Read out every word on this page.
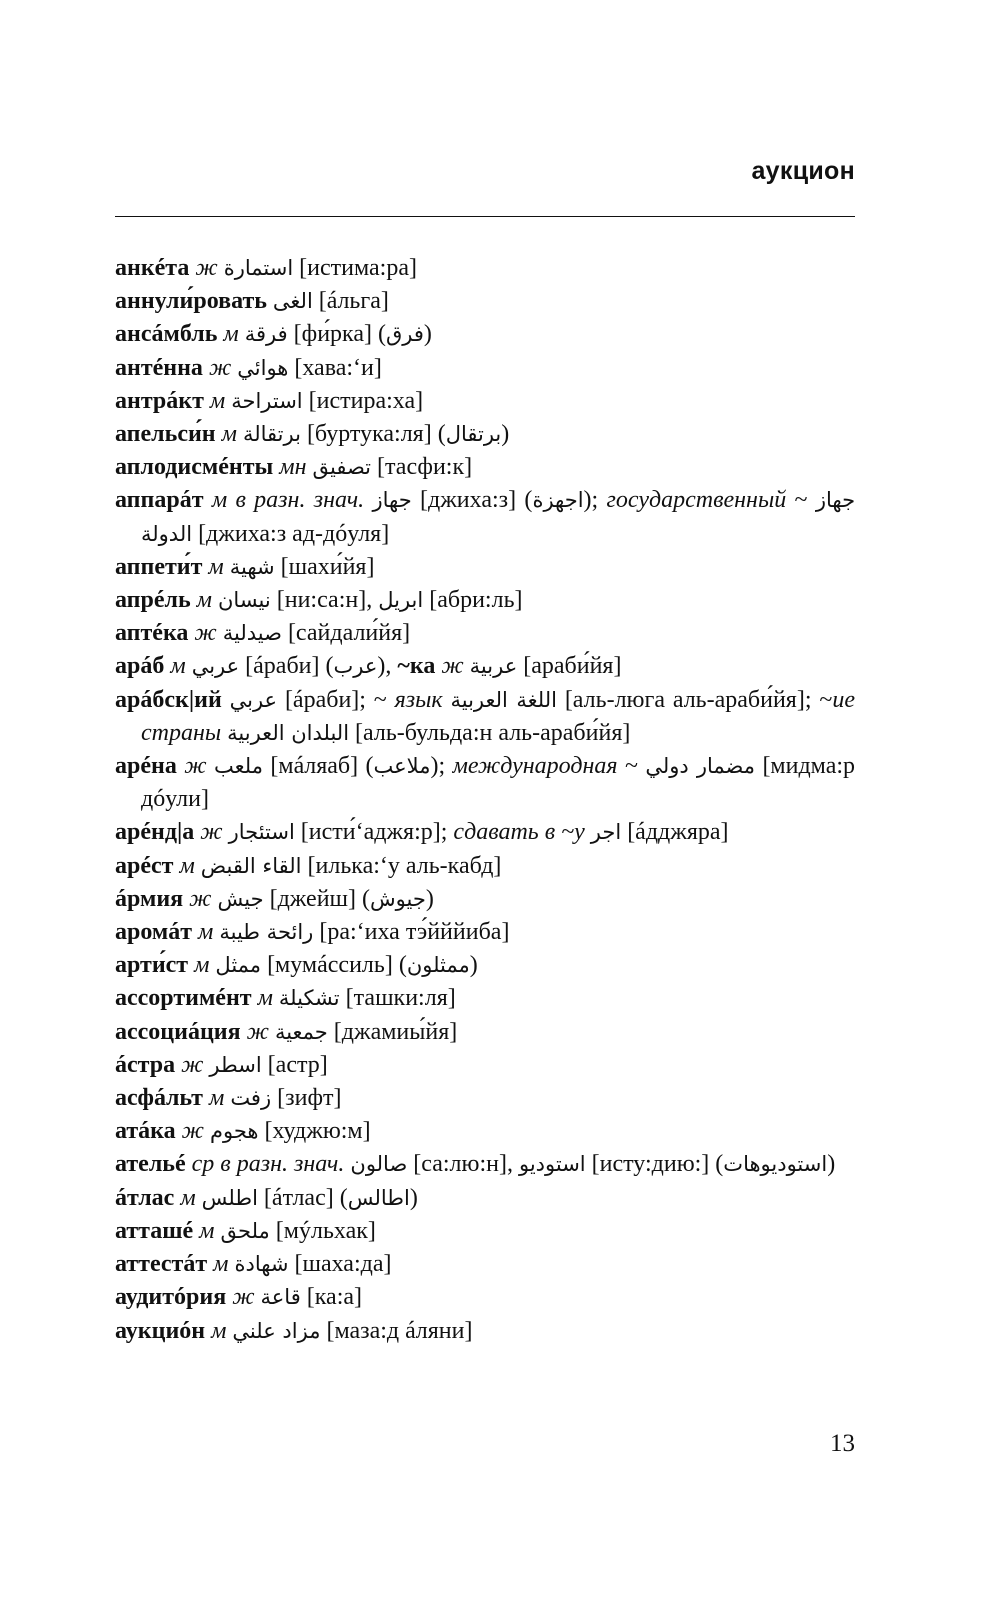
аукцион
анкéта ж استمارة [истима:ра]
аннули́ровать الغى [áльга]
ансáмбль м فرقة [фи́рка] (فرق)
антéнна ж هوائي [хава:‘и]
антрáкт м استراحة [истира:ха]
апельси́н м برتقالة [буртука:ля] (برتقال)
аплодисмéнты мн تصفيق [тасфи:к]
аппарáт м в разн. знач. جهاز [джиха:з] (اجهزة); государственный ~ جهاز الدولة [джиха:з ад-дóуля]
аппети́т м شهية [шахи́йя]
апрéль м نيسان [ни:са:н], ابريل [абри:ль]
аптéка ж صيدلية [сайдали́йя]
арáб м عربي [áраби] (عرب), ~ка ж عربية [араби́йя]
арáбск|ий عربي [áраби]; ~ язык اللغة العربية [аль-люга аль-араби́йя]; ~ие страны البلدان العربية [аль-бульда:н аль-араби́йя]
арéна ж ملعب [мáляаб] (ملاعب); международная ~ مضمار دولي [мидма:р дóули]
арéнд|а ж استئجار [исти́‘аджя:р]; сдавать в ~у اجر [áдджяра]
арéст м القاء القبض [илька:‘у аль-кабд]
áрмия ж جيش [джейш] (جيوش)
аромáт м رائحة طيبة [ра:‘иха тэ́йййиба]
арти́ст м ممثل [мумáссиль] (ممثلون)
ассортимéнт м تشكيلة [ташки:ля]
ассоциáция ж جمعية [джамиы́йя]
áстра ж اسطر [астр]
асфáльт м زفت [зифт]
атáка ж هجوم [худжю:м]
ательé ср в разн. знач. صالون [са:лю:н], استوديو [исту:дию:] (استوديوهات)
áтлас м اطلس [áтлас] (اطالس)
атташé м ملحق [мýльхак]
аттестáт м شهادة [шаха:да]
аудитóрия ж قاعة [ка:а]
аукциóн м مزاد علني [маза:д áляни]
13
